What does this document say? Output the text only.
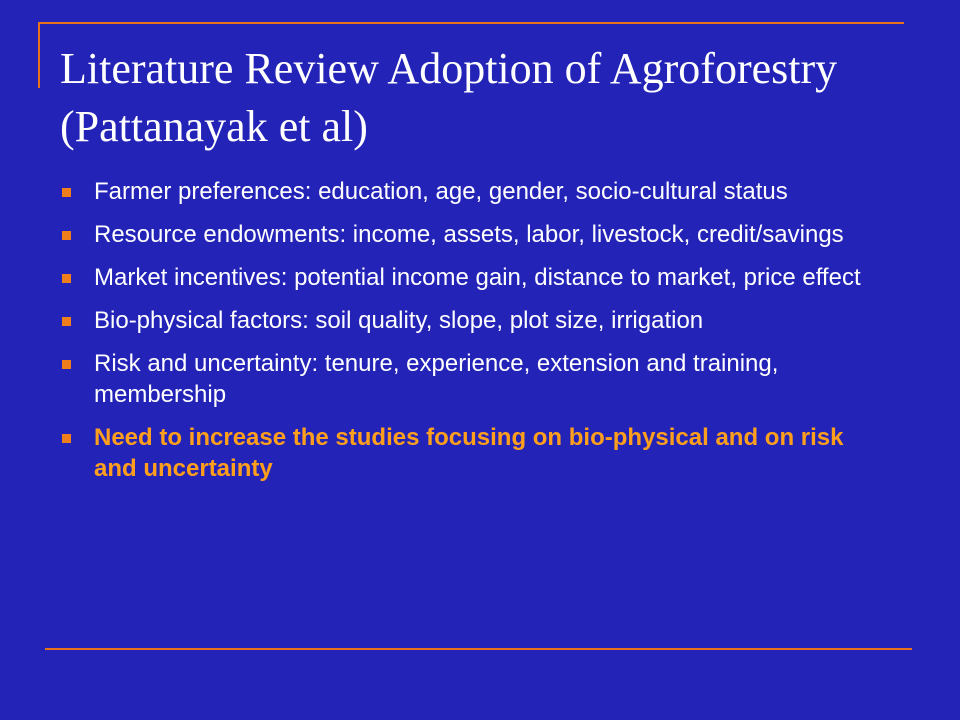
Literature Review Adoption of Agroforestry (Pattanayak et al)
Farmer preferences: education, age, gender, socio-cultural status
Resource endowments: income, assets, labor, livestock, credit/savings
Market incentives: potential income gain, distance to market, price effect
Bio-physical factors: soil quality, slope, plot size, irrigation
Risk and uncertainty: tenure, experience, extension and training, membership
Need to increase the studies focusing on bio-physical and on risk and uncertainty
